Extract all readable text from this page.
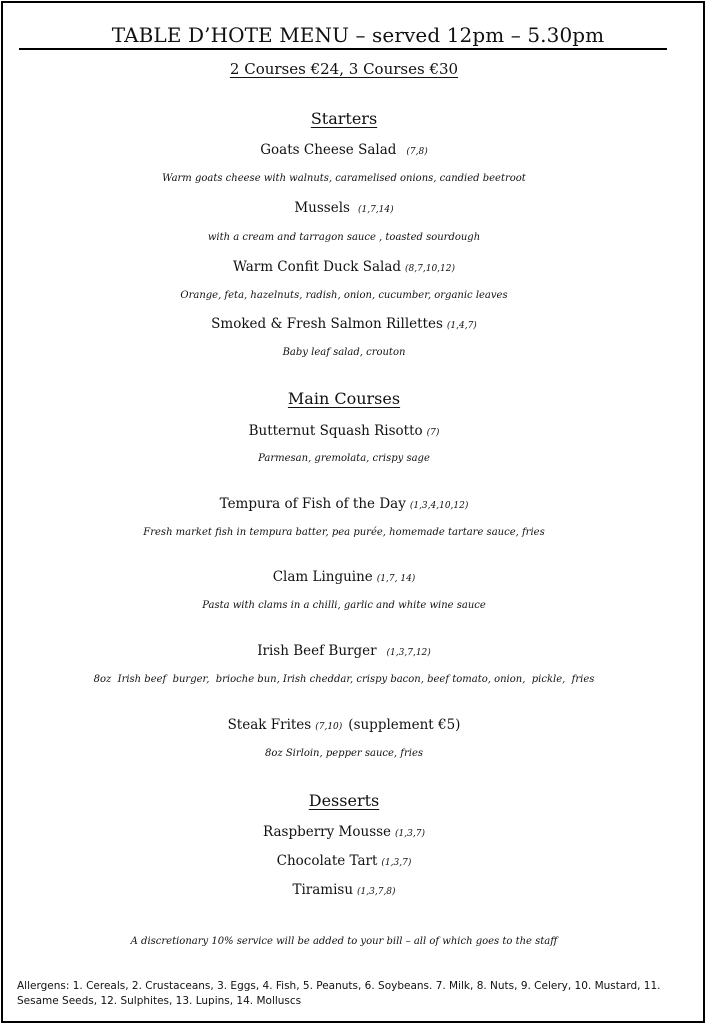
TABLE D’HOTE MENU – served 12pm – 5.30pm
2 Courses €24, 3 Courses €30
Starters
Goats Cheese Salad (7,8)
Warm goats cheese with walnuts, caramelised onions, candied beetroot
Mussels (1,7,14)
with a cream and tarragon sauce , toasted sourdough
Warm Confit Duck Salad (8,7,10,12)
Orange, feta, hazelnuts, radish, onion, cucumber, organic leaves
Smoked & Fresh Salmon Rillettes (1,4,7)
Baby leaf salad, crouton
Main Courses
Butternut Squash Risotto (7)
Parmesan, gremolata, crispy sage
Tempura of Fish of the Day (1,3,4,10,12)
Fresh market fish in tempura batter, pea purée, homemade tartare sauce, fries
Clam Linguine (1,7, 14)
Pasta with clams in a chilli, garlic and white wine sauce
Irish Beef Burger (1,3,7,12)
8oz  Irish beef  burger,  brioche bun, Irish cheddar, crispy bacon, beef tomato, onion,  pickle,  fries
Steak Frites (7,10) (supplement €5)
8oz Sirloin, pepper sauce, fries
Desserts
Raspberry Mousse (1,3,7)
Chocolate Tart (1,3,7)
Tiramisu (1,3,7,8)
A discretionary 10% service will be added to your bill – all of which goes to the staff
Allergens: 1. Cereals, 2. Crustaceans, 3. Eggs, 4. Fish, 5. Peanuts, 6. Soybeans. 7. Milk, 8. Nuts, 9. Celery, 10. Mustard, 11. Sesame Seeds, 12. Sulphites, 13. Lupins, 14. Molluscs
